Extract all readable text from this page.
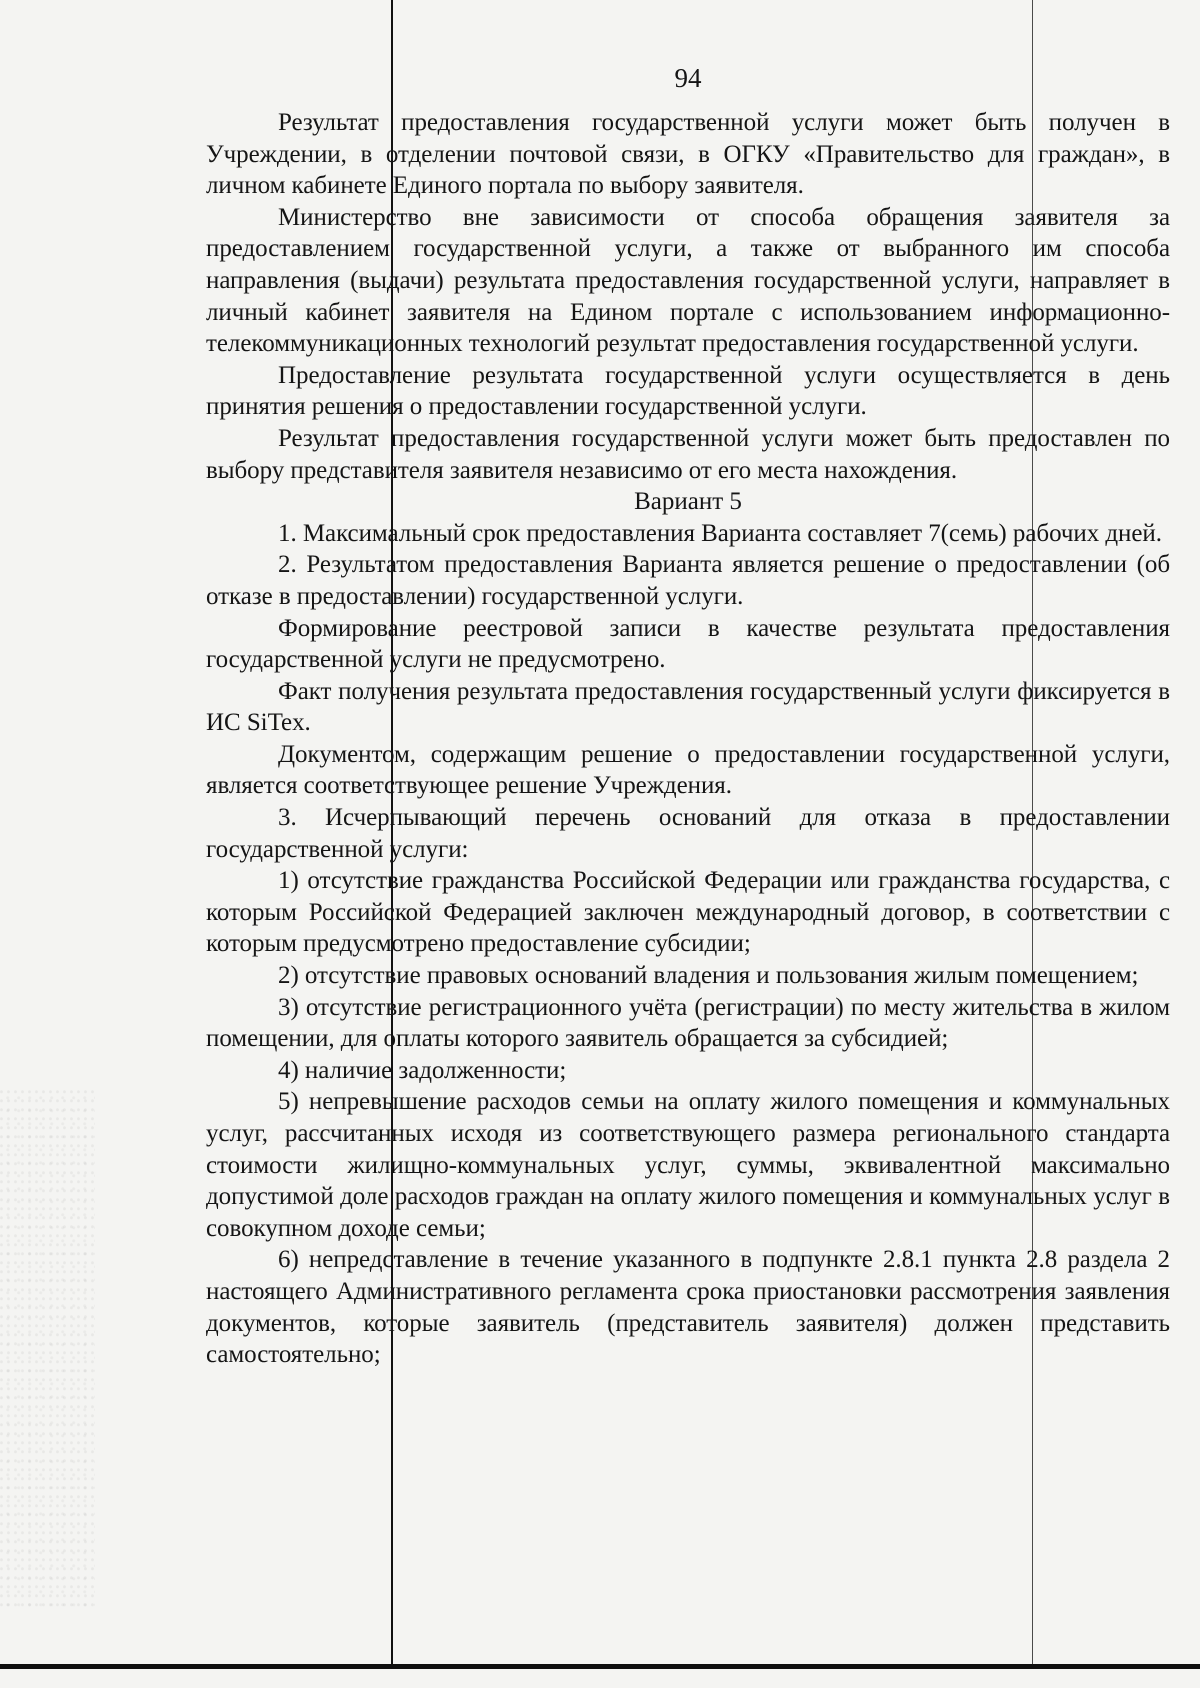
94

Результат предоставления государственной услуги может быть получен в Учреждении, в отделении почтовой связи, в ОГКУ «Правительство для граждан», в личном кабинете Единого портала по выбору заявителя.

Министерство вне зависимости от способа обращения заявителя за предоставлением государственной услуги, а также от выбранного им способа направления (выдачи) результата предоставления государственной услуги, направляет в личный кабинет заявителя на Едином портале с использованием информационно-телекоммуникационных технологий результат предоставления государственной услуги.

Предоставление результата государственной услуги осуществляется в день принятия решения о предоставлении государственной услуги.

Результат предоставления государственной услуги может быть предоставлен по выбору представителя заявителя независимо от его места нахождения.

Вариант 5

1. Максимальный срок предоставления Варианта составляет 7(семь) рабочих дней.

2. Результатом предоставления Варианта является решение о предоставлении (об отказе в предоставлении) государственной услуги.

Формирование реестровой записи в качестве результата предоставления государственной услуги не предусмотрено.

Факт получения результата предоставления государственный услуги фиксируется в ИС SiTex.

Документом, содержащим решение о предоставлении государственной услуги, является соответствующее решение Учреждения.

3. Исчерпывающий перечень оснований для отказа в предоставлении государственной услуги:

1) отсутствие гражданства Российской Федерации или гражданства государства, с которым Российской Федерацией заключен международный договор, в соответствии с которым предусмотрено предоставление субсидии;

2) отсутствие правовых оснований владения и пользования жилым помещением;

3) отсутствие регистрационного учёта (регистрации) по месту жительства в жилом помещении, для оплаты которого заявитель обращается за субсидией;

4) наличие задолженности;

5) непревышение расходов семьи на оплату жилого помещения и коммунальных услуг, рассчитанных исходя из соответствующего размера регионального стандарта стоимости жилищно-коммунальных услуг, суммы, эквивалентной максимально допустимой доле расходов граждан на оплату жилого помещения и коммунальных услуг в совокупном доходе семьи;

6) непредставление в течение указанного в подпункте 2.8.1 пункта 2.8 раздела 2 настоящего Административного регламента срока приостановки рассмотрения заявления документов, которые заявитель (представитель заявителя) должен представить самостоятельно;
